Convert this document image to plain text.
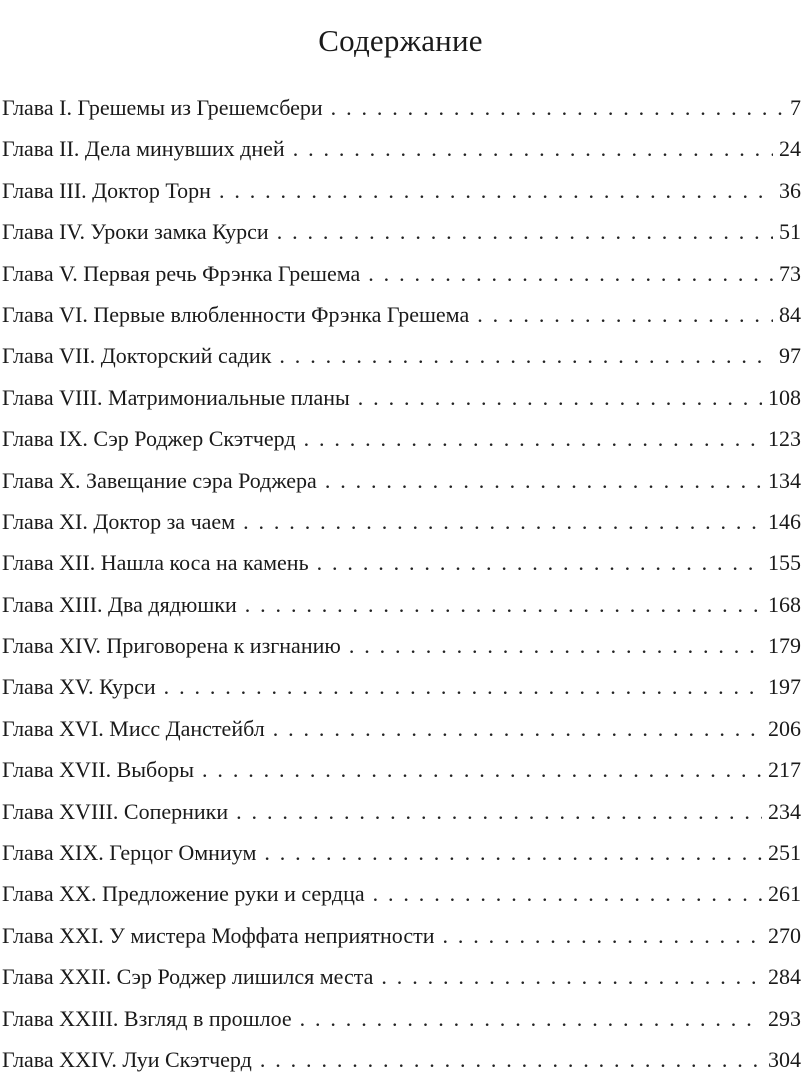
Содержание
Глава I. Грешемы из Грешемсбери . . .	7
Глава II. Дела минувших дней . . .	24
Глава III. Доктор Торн . . .	36
Глава IV. Уроки замка Курси . . .	51
Глава V. Первая речь Фрэнка Грешема . . .	73
Глава VI. Первые влюбленности Фрэнка Грешема . . .	84
Глава VII. Докторский садик . . .	97
Глава VIII. Матримониальные планы . . .	108
Глава IX. Сэр Роджер Скэтчерд . . .	123
Глава X. Завещание сэра Роджера . . .	134
Глава XI. Доктор за чаем . . .	146
Глава XII. Нашла коса на камень . . .	155
Глава XIII. Два дядюшки . . .	168
Глава XIV. Приговорена к изгнанию . . .	179
Глава XV. Курси . . .	197
Глава XVI. Мисс Данстейбл . . .	206
Глава XVII. Выборы . . .	217
Глава XVIII. Соперники . . .	234
Глава XIX. Герцог Омниум . . .	251
Глава XX. Предложение руки и сердца . . .	261
Глава XXI. У мистера Моффата неприятности . . .	270
Глава XXII. Сэр Роджер лишился места . . .	284
Глава XXIII. Взгляд в прошлое . . .	293
Глава XXIV. Луи Скэтчерд . . .	304
